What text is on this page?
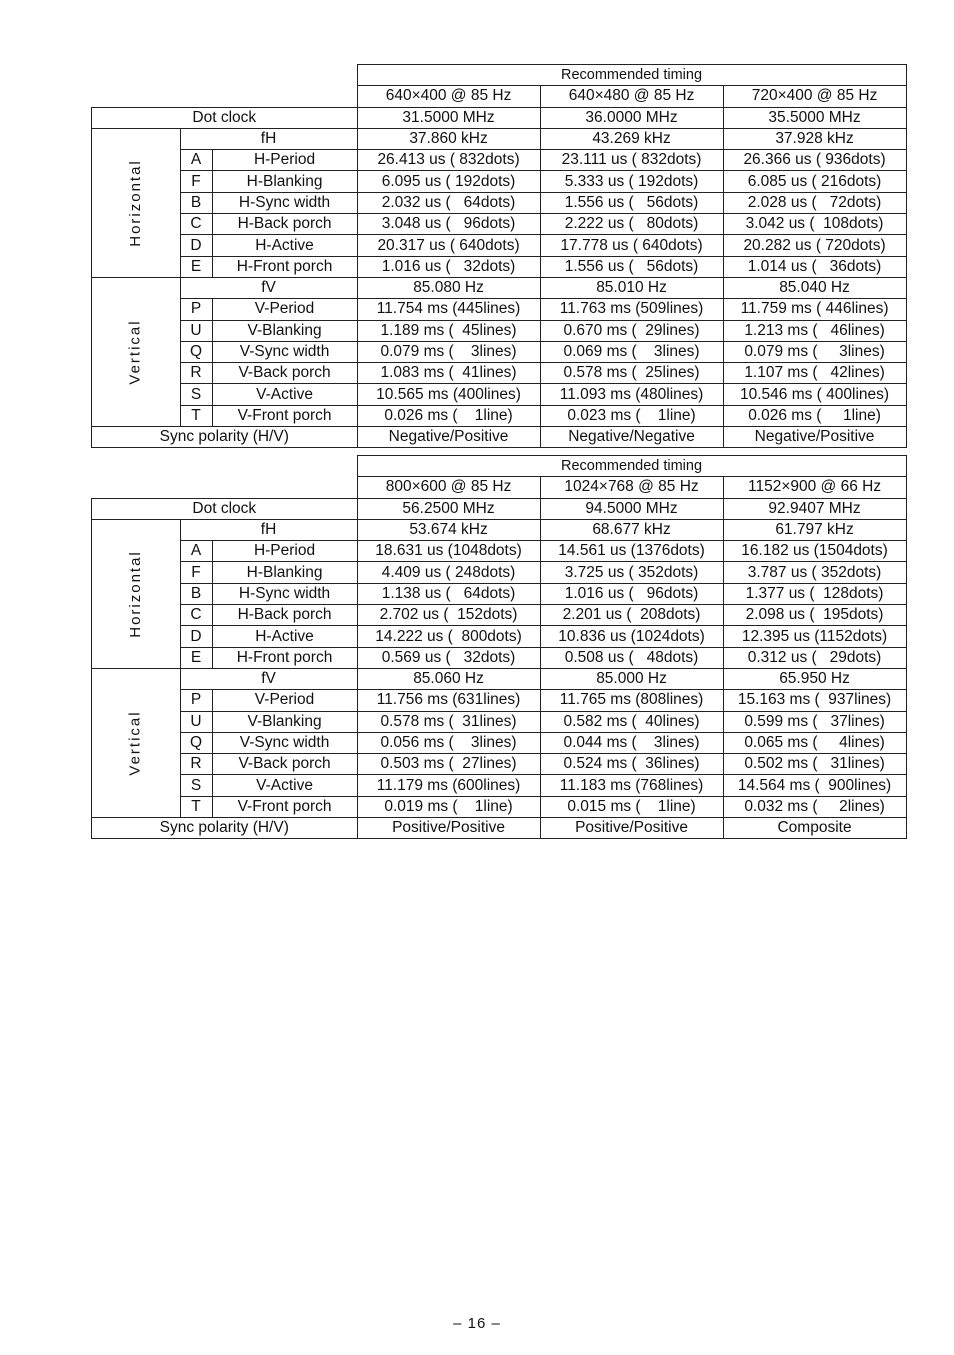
			Recommended timing		
			640×400 @ 85 Hz	640×480 @ 85 Hz	720×400 @ 85 Hz
Dot clock			31.5000 MHz	36.0000 MHz	35.5000 MHz
Horizontal	fH		37.860 kHz	43.269 kHz	37.928 kHz
	A	H-Period	26.413 us ( 832dots)	23.111 us ( 832dots)	26.366 us ( 936dots)
	F	H-Blanking	6.095 us ( 192dots)	5.333 us ( 192dots)	6.085 us ( 216dots)
	B	H-Sync width	2.032 us (   64dots)	1.556 us (   56dots)	2.028 us (   72dots)
	C	H-Back porch	3.048 us (   96dots)	2.222 us (   80dots)	3.042 us (  108dots)
	D	H-Active	20.317 us ( 640dots)	17.778 us ( 640dots)	20.282 us ( 720dots)
	E	H-Front porch	1.016 us (   32dots)	1.556 us (   56dots)	1.014 us (   36dots)
Vertical	fV		85.080 Hz	85.010 Hz	85.040 Hz
	P	V-Period	11.754 ms (445lines)	11.763 ms (509lines)	11.759 ms ( 446lines)
	U	V-Blanking	1.189 ms (  45lines)	0.670 ms (  29lines)	1.213 ms (   46lines)
	Q	V-Sync width	0.079 ms (    3lines)	0.069 ms (    3lines)	0.079 ms (     3lines)
	R	V-Back porch	1.083 ms (  41lines)	0.578 ms (  25lines)	1.107 ms (   42lines)
	S	V-Active	10.565 ms (400lines)	11.093 ms (480lines)	10.546 ms ( 400lines)
	T	V-Front porch	0.026 ms (    1line)	0.023 ms (    1line)	0.026 ms (     1line)
Sync polarity (H/V)			Negative/Positive	Negative/Negative	Negative/Positive
			Recommended timing		
			800×600 @ 85 Hz	1024×768 @ 85 Hz	1152×900 @ 66 Hz
Dot clock			56.2500 MHz	94.5000 MHz	92.9407 MHz
Horizontal	fH		53.674 kHz	68.677 kHz	61.797 kHz
	A	H-Period	18.631 us (1048dots)	14.561 us (1376dots)	16.182 us (1504dots)
	F	H-Blanking	4.409 us ( 248dots)	3.725 us ( 352dots)	3.787 us ( 352dots)
	B	H-Sync width	1.138 us (   64dots)	1.016 us (   96dots)	1.377 us (  128dots)
	C	H-Back porch	2.702 us (  152dots)	2.201 us (  208dots)	2.098 us (  195dots)
	D	H-Active	14.222 us (  800dots)	10.836 us (1024dots)	12.395 us (1152dots)
	E	H-Front porch	0.569 us (   32dots)	0.508 us (   48dots)	0.312 us (   29dots)
Vertical	fV		85.060 Hz	85.000 Hz	65.950 Hz
	P	V-Period	11.756 ms (631lines)	11.765 ms (808lines)	15.163 ms (  937lines)
	U	V-Blanking	0.578 ms (  31lines)	0.582 ms (  40lines)	0.599 ms (   37lines)
	Q	V-Sync width	0.056 ms (    3lines)	0.044 ms (    3lines)	0.065 ms (     4lines)
	R	V-Back porch	0.503 ms (  27lines)	0.524 ms (  36lines)	0.502 ms (   31lines)
	S	V-Active	11.179 ms (600lines)	11.183 ms (768lines)	14.564 ms (  900lines)
	T	V-Front porch	0.019 ms (    1line)	0.015 ms (    1line)	0.032 ms (     2lines)
Sync polarity (H/V)			Positive/Positive	Positive/Positive	Composite
– 16 –
